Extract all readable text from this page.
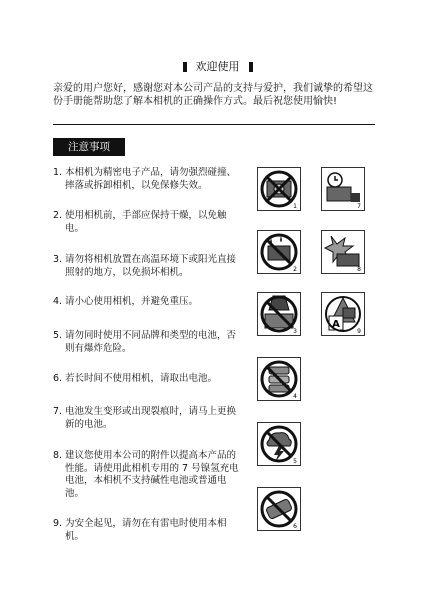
欢迎使用
亲爱的用户您好，感谢您对本公司产品的支持与爱护，我们诚挚的希望这份手册能帮助您了解本相机的正确操作方式。最后祝您使用愉快!
注意事项
1. 本相机为精密电子产品，请勿强烈碰撞、摔落或拆卸相机，以免保修失效。
2. 使用相机前，手部应保持干燥，以免触电。
3. 请勿将相机放置在高温环境下或阳光直接照射的地方，以免损坏相机。
4. 请小心使用相机，并避免重压。
5. 请勿同时使用不同品牌和类型的电池，否则有爆炸危险。
6. 若长时间不使用相机，请取出电池。
7. 电池发生变形或出现裂痕时，请马上更换新的电池。
8. 建议您使用本公司的附件以提高本产品的性能。请使用此相机专用的 7 号镍氢充电电池，本相机不支持碱性电池或普通电池。
9. 为安全起见，请勿在有雷电时使用本相机。
1
2
3
4
5
6
7
8
A
9
